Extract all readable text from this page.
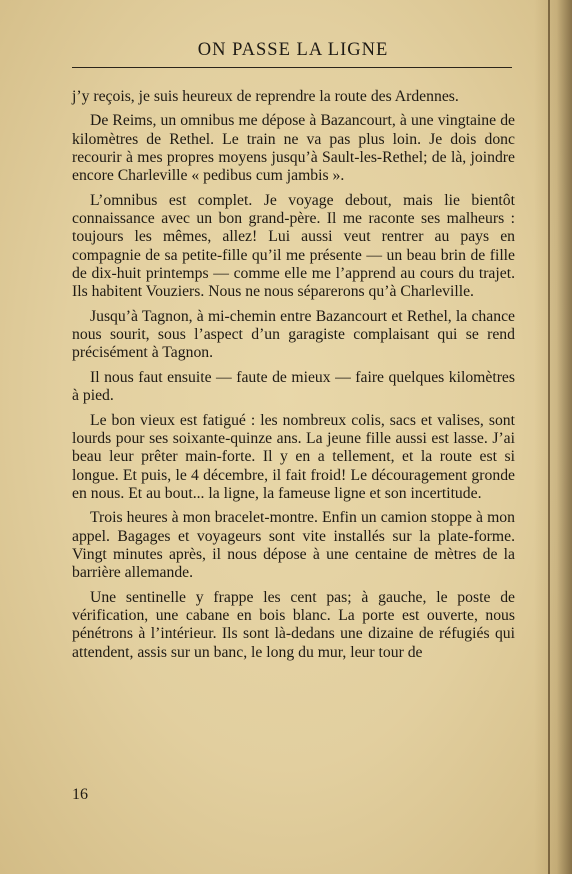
ON PASSE LA LIGNE

j’y reçois, je suis heureux de reprendre la route des Ardennes.

De Reims, un omnibus me dépose à Bazancourt, à une vingtaine de kilomètres de Rethel. Le train ne va pas plus loin. Je dois donc recourir à mes propres moyens jusqu’à Sault-les-Rethel; de là, joindre encore Charleville « pedibus cum jambis ».

L’omnibus est complet. Je voyage debout, mais lie bientôt connaissance avec un bon grand-père. Il me raconte ses malheurs : toujours les mêmes, allez! Lui aussi veut rentrer au pays en compagnie de sa petite-fille qu’il me présente — un beau brin de fille de dix-huit printemps — comme elle me l’apprend au cours du trajet. Ils habitent Vouziers. Nous ne nous séparerons qu’à Charleville.

Jusqu’à Tagnon, à mi-chemin entre Bazancourt et Rethel, la chance nous sourit, sous l’aspect d’un garagiste complaisant qui se rend précisément à Tagnon.

Il nous faut ensuite — faute de mieux — faire quelques kilomètres à pied.

Le bon vieux est fatigué : les nombreux colis, sacs et valises, sont lourds pour ses soixante-quinze ans. La jeune fille aussi est lasse. J’ai beau leur prêter main-forte. Il y en a tellement, et la route est si longue. Et puis, le 4 décembre, il fait froid! Le découragement gronde en nous. Et au bout... la ligne, la fameuse ligne et son incertitude.

Trois heures à mon bracelet-montre. Enfin un camion stoppe à mon appel. Bagages et voyageurs sont vite installés sur la plate-forme. Vingt minutes après, il nous dépose à une centaine de mètres de la barrière allemande.

Une sentinelle y frappe les cent pas; à gauche, le poste de vérification, une cabane en bois blanc. La porte est ouverte, nous pénétrons à l’intérieur. Ils sont là-dedans une dizaine de réfugiés qui attendent, assis sur un banc, le long du mur, leur tour de

16
